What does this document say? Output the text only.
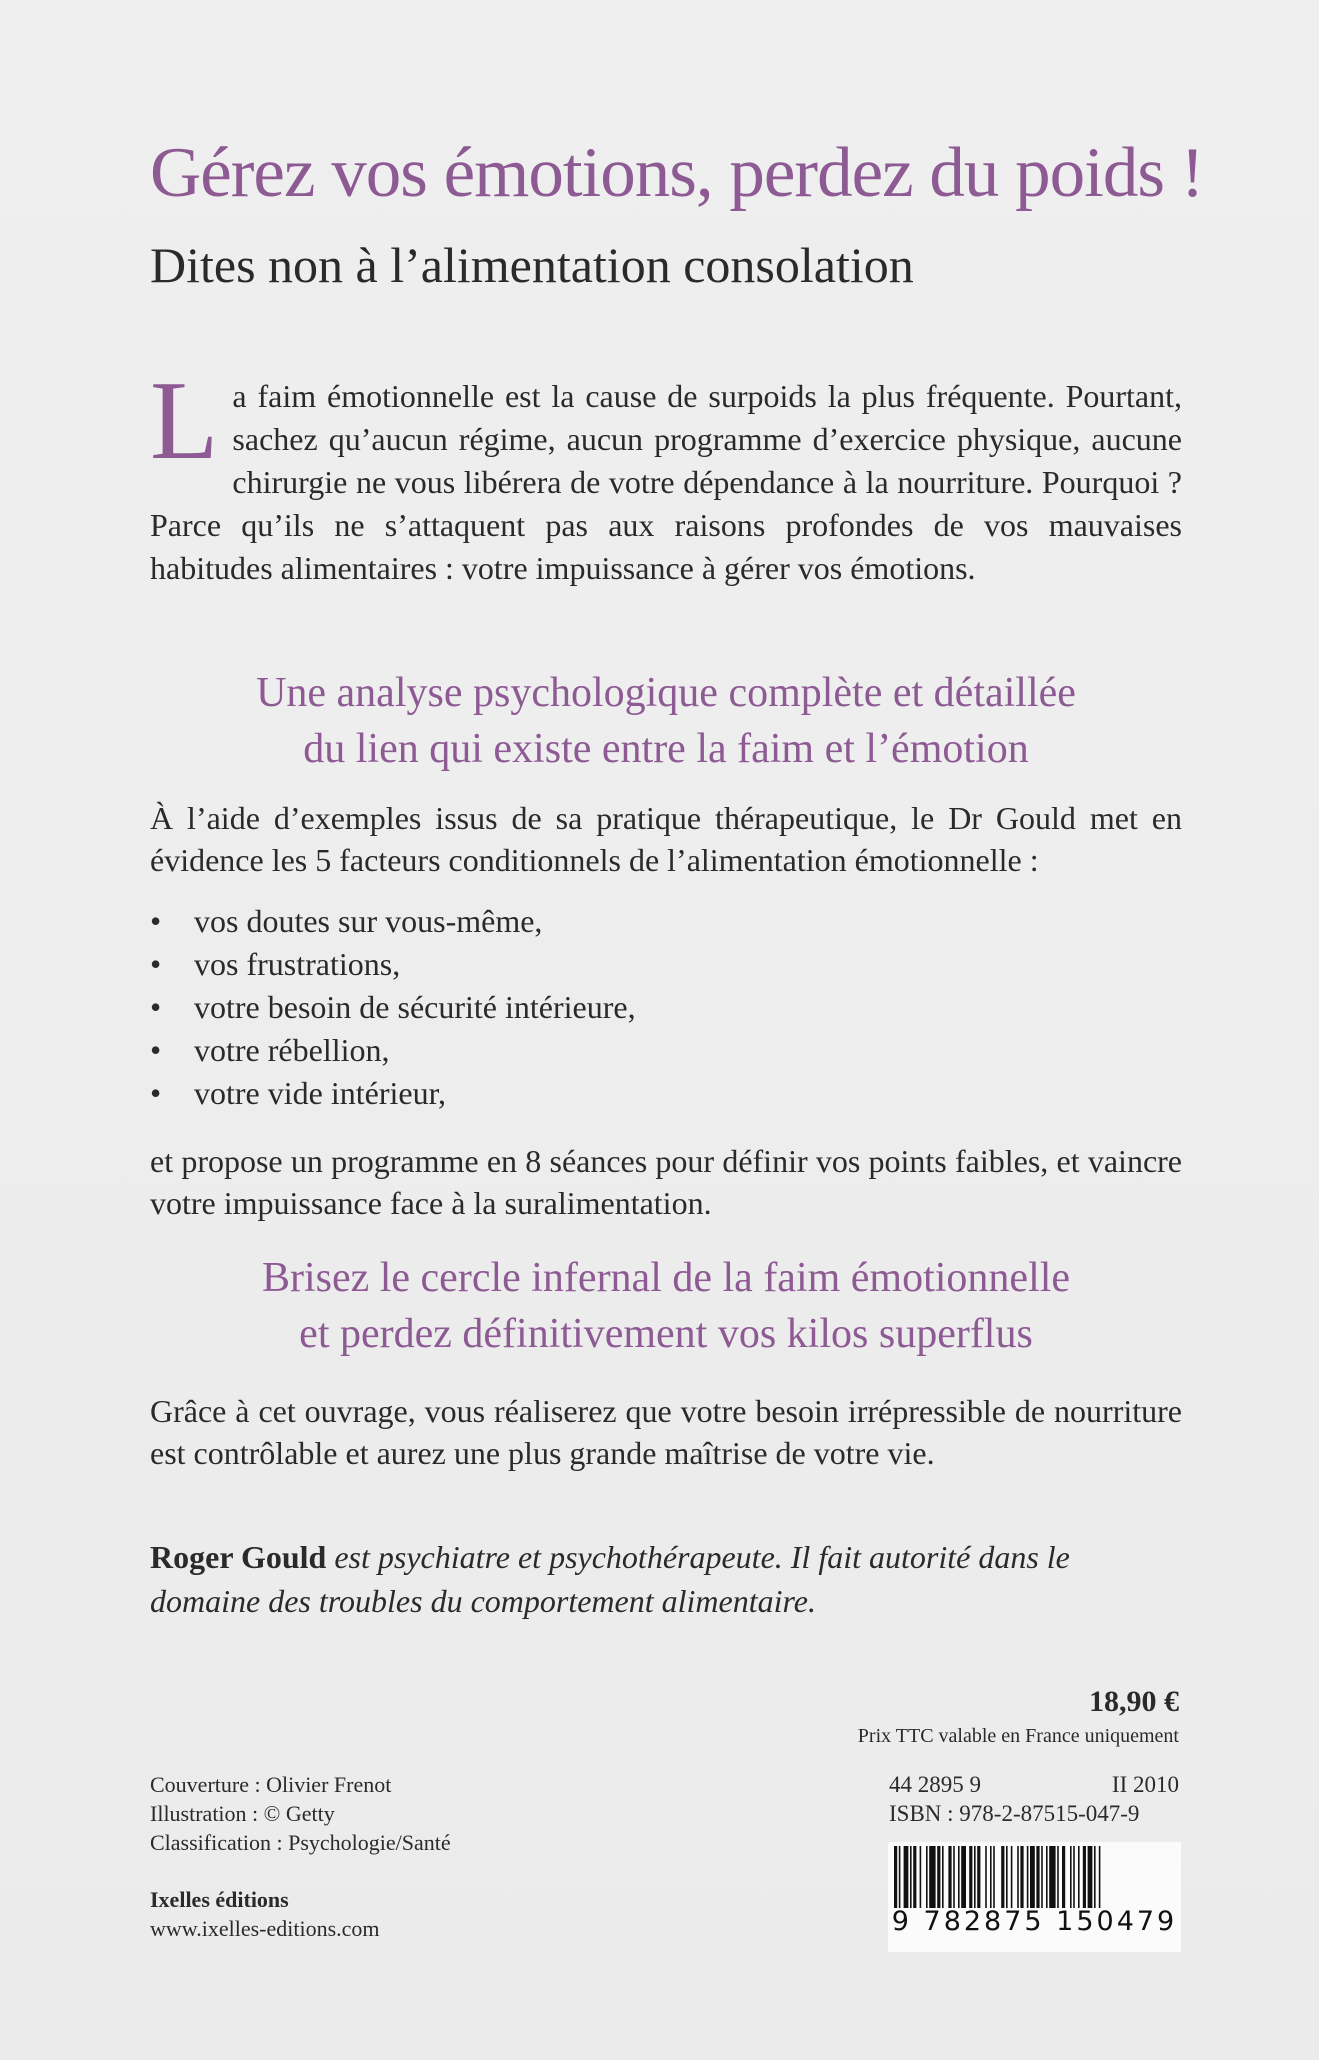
Gérez vos émotions, perdez du poids !
Dites non à l’alimentation consolation
L a faim émotionnelle est la cause de surpoids la plus fréquente. Pourtant, sachez qu’aucun régime, aucun programme d’exercice physique, aucune chirurgie ne vous libérera de votre dépendance à la nourriture. Pourquoi ? Parce qu’ils ne s’attaquent pas aux raisons profondes de vos mauvaises habitudes alimentaires : votre impuissance à gérer vos émotions.
Une analyse psychologique complète et détaillée
du lien qui existe entre la faim et l’émotion
À l’aide d’exemples issus de sa pratique thérapeutique, le Dr Gould met en évidence les 5 facteurs conditionnels de l’alimentation émotionnelle :
• vos doutes sur vous-même,
• vos frustrations,
• votre besoin de sécurité intérieure,
• votre rébellion,
• votre vide intérieur,
et propose un programme en 8 séances pour définir vos points faibles, et vaincre votre impuissance face à la suralimentation.
Brisez le cercle infernal de la faim émotionnelle
et perdez définitivement vos kilos superflus
Grâce à cet ouvrage, vous réaliserez que votre besoin irrépressible de nourriture est contrôlable et aurez une plus grande maîtrise de votre vie.
Roger Gould est psychiatre et psychothérapeute. Il fait autorité dans le domaine des troubles du comportement alimentaire.
18,90 €
Prix TTC valable en France uniquement
Couverture : Olivier Frenot
Illustration : © Getty
Classification : Psychologie/Santé
Ixelles éditions
www.ixelles-editions.com
44 2895 9	II 2010
ISBN : 978-2-87515-047-9
9 782875 150479
